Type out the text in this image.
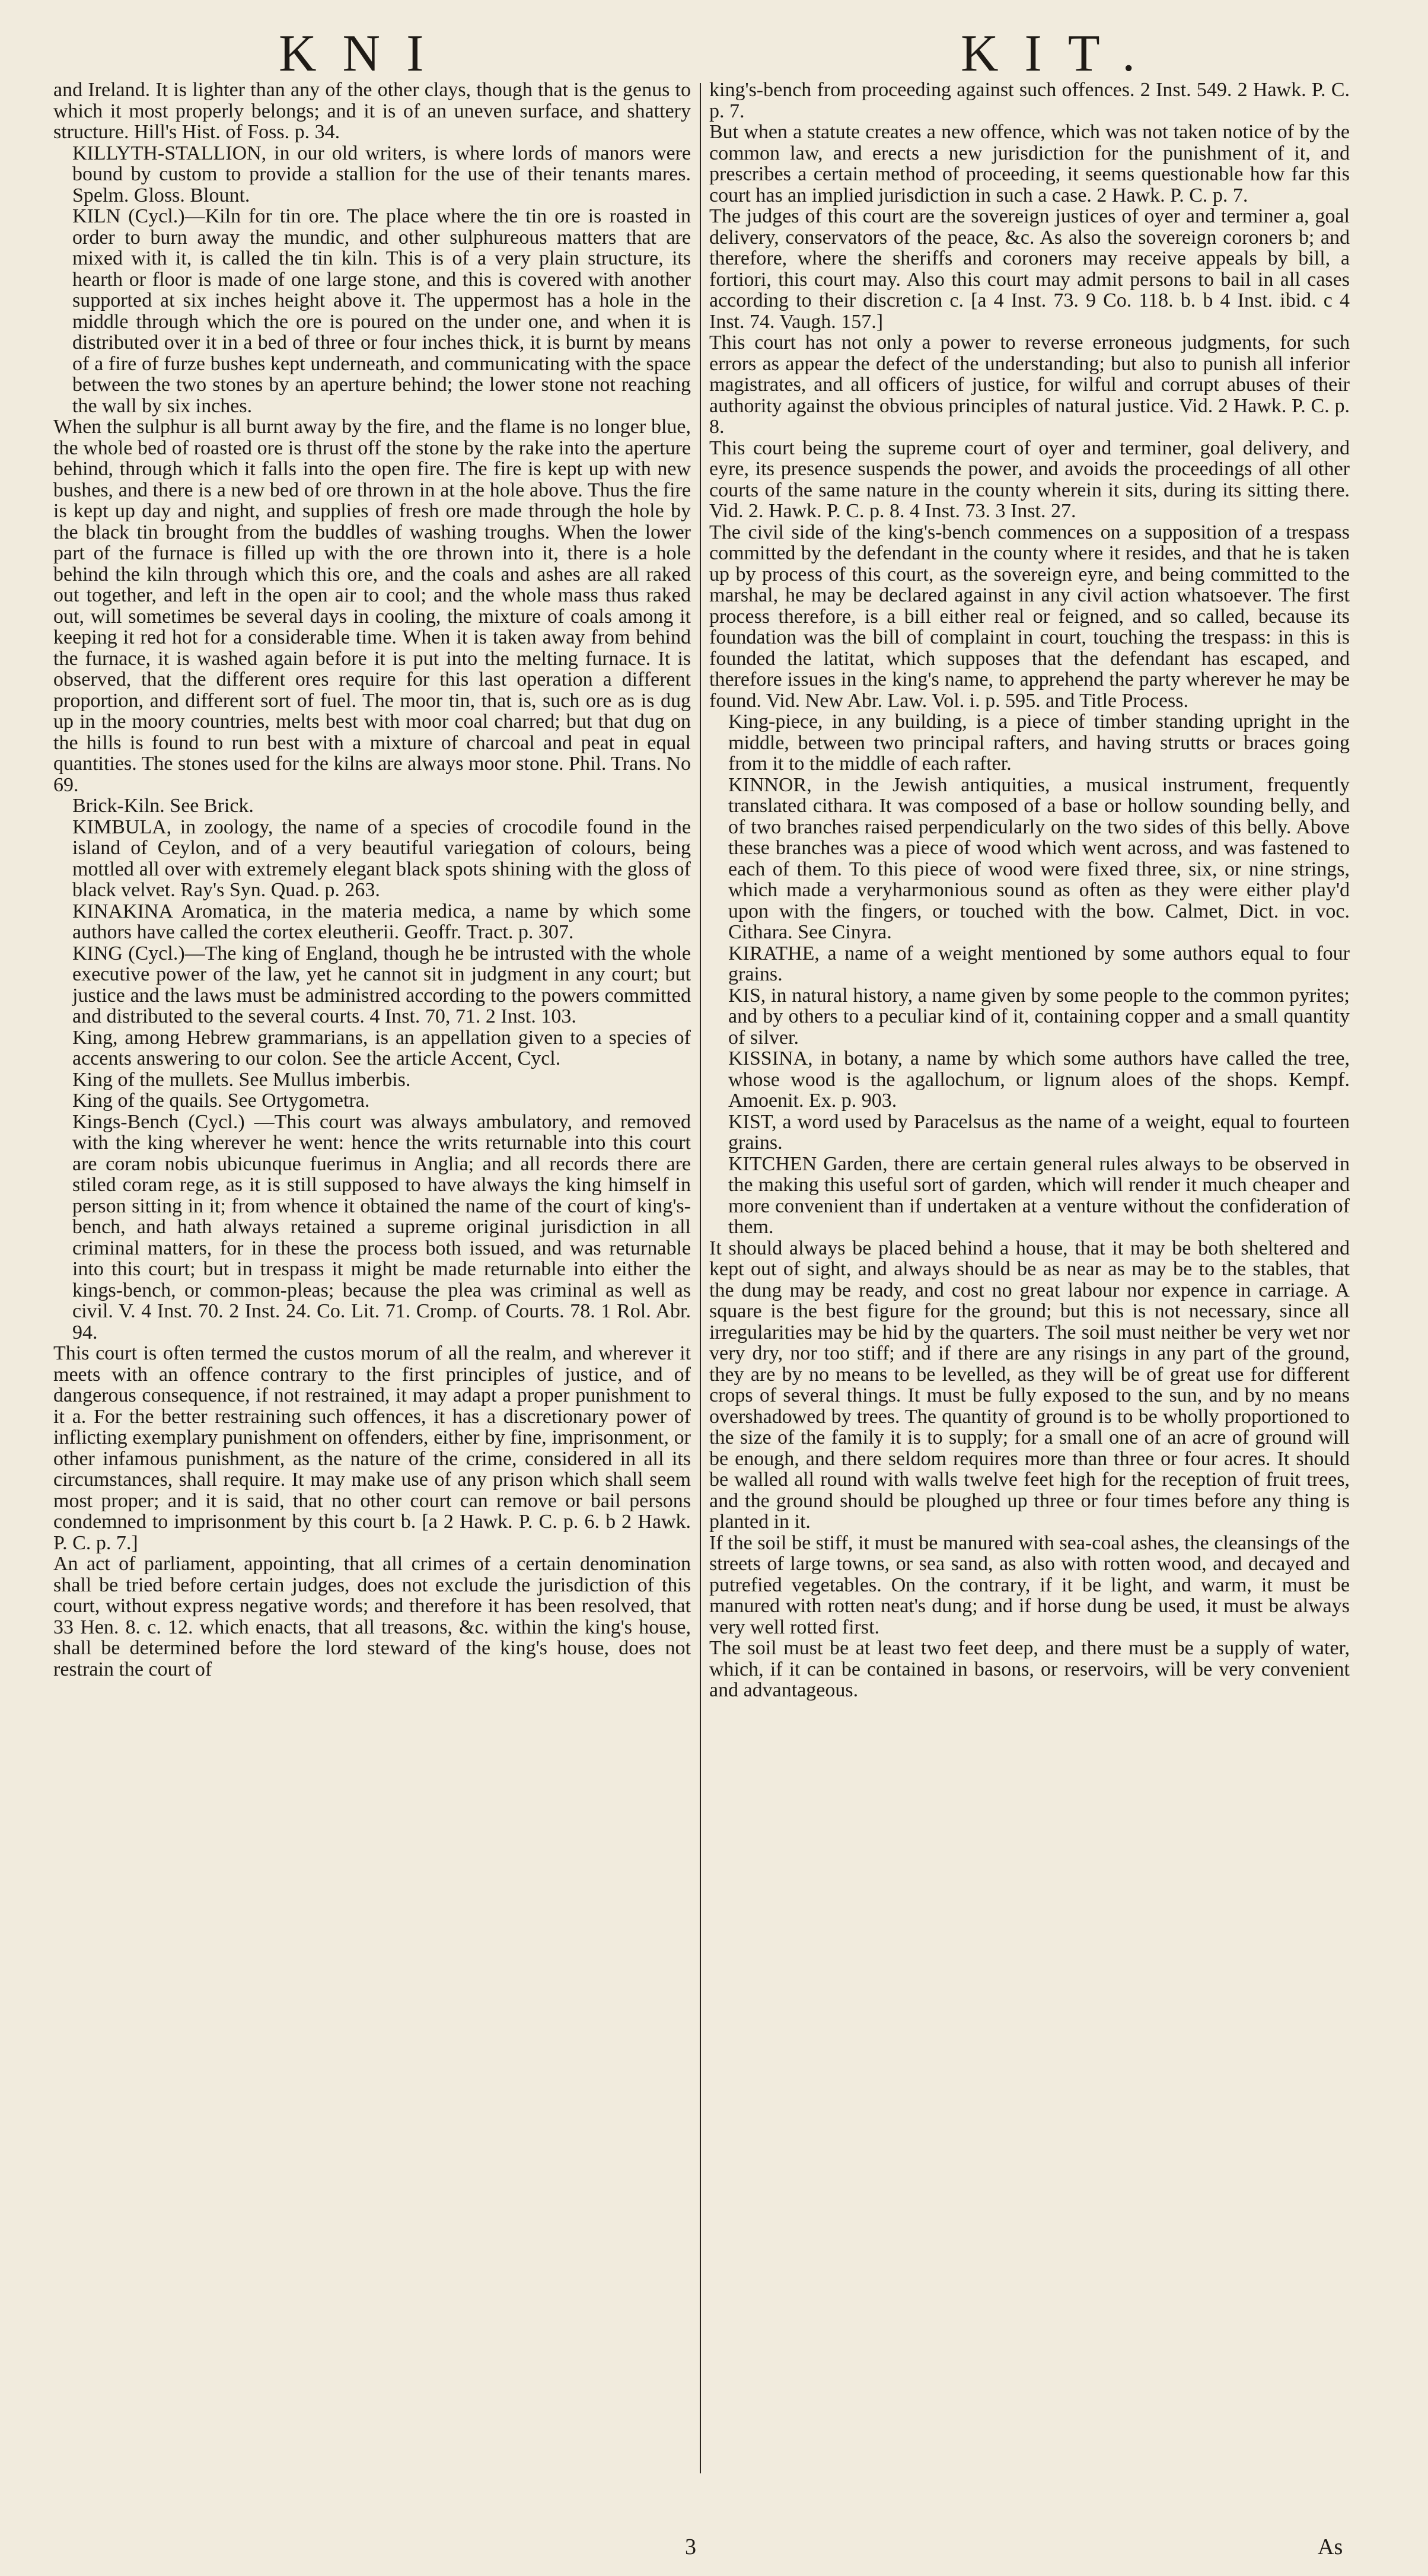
KNI	KIT.

and Ireland. It is lighter than any of the other clays, though that is the genus to which it most properly belongs; and it is of an uneven surface, and shattery structure. Hill's Hist. of Foss. p. 34.

KILLYTH-STALLION, in our old writers, is where lords of manors were bound by custom to provide a stallion for the use of their tenants mares. Spelm. Gloss. Blount.

KILN (Cycl.)—Kiln for tin ore. The place where the tin ore is roasted in order to burn away the mundic, and other sulphureous matters that are mixed with it, is called the tin kiln. This is of a very plain structure, its hearth or floor is made of one large stone, and this is covered with another supported at six inches height above it. The uppermost has a hole in the middle through which the ore is poured on the under one, and when it is distributed over it in a bed of three or four inches thick, it is burnt by means of a fire of furze bushes kept underneath, and communicating with the space between the two stones by an aperture behind; the lower stone not reaching the wall by six inches.

When the sulphur is all burnt away by the fire, and the flame is no longer blue, the whole bed of roasted ore is thrust off the stone by the rake into the aperture behind, through which it falls into the open fire. The fire is kept up with new bushes, and there is a new bed of ore thrown in at the hole above. Thus the fire is kept up day and night, and supplies of fresh ore made through the hole by the black tin brought from the buddles of washing troughs. When the lower part of the furnace is filled up with the ore thrown into it, there is a hole behind the kiln through which this ore, and the coals and ashes are all raked out together, and left in the open air to cool; and the whole mass thus raked out, will sometimes be several days in cooling, the mixture of coals among it keeping it red hot for a considerable time. When it is taken away from behind the furnace, it is washed again before it is put into the melting furnace. It is observed, that the different ores require for this last operation a different proportion, and different sort of fuel. The moor tin, that is, such ore as is dug up in the moory countries, melts best with moor coal charred; but that dug on the hills is found to run best with a mixture of charcoal and peat in equal quantities. The stones used for the kilns are always moor stone. Phil. Trans. No 69.

Brick-Kiln. See Brick.

KIMBULA, in zoology, the name of a species of crocodile found in the island of Ceylon, and of a very beautiful variegation of colours, being mottled all over with extremely elegant black spots shining with the gloss of black velvet. Ray's Syn. Quad. p. 263.

KINAKINA Aromatica, in the materia medica, a name by which some authors have called the cortex eleutherii. Geoffr. Tract. p. 307.

KING (Cycl.)—The king of England, though he be intrusted with the whole executive power of the law, yet he cannot sit in judgment in any court; but justice and the laws must be administred according to the powers committed and distributed to the several courts. 4 Inst. 70, 71. 2 Inst. 103.

King, among Hebrew grammarians, is an appellation given to a species of accents answering to our colon. See the article Accent, Cycl.

King of the mullets. See Mullus imberbis.

King of the quails. See Ortygometra.

Kings-Bench (Cycl.) —This court was always ambulatory, and removed with the king wherever he went: hence the writs returnable into this court are coram nobis ubicunque fuerimus in Anglia; and all records there are stiled coram rege, as it is still supposed to have always the king himself in person sitting in it; from whence it obtained the name of the court of king's-bench, and hath always retained a supreme original jurisdiction in all criminal matters, for in these the process both issued, and was returnable into this court; but in trespass it might be made returnable into either the kings-bench, or common-pleas; because the plea was criminal as well as civil. V. 4 Inst. 70. 2 Inst. 24. Co. Lit. 71. Cromp. of Courts. 78. 1 Rol. Abr. 94.

This court is often termed the custos morum of all the realm, and wherever it meets with an offence contrary to the first principles of justice, and of dangerous consequence, if not restrained, it may adapt a proper punishment to it a. For the better restraining such offences, it has a discretionary power of inflicting exemplary punishment on offenders, either by fine, imprisonment, or other infamous punishment, as the nature of the crime, considered in all its circumstances, shall require. It may make use of any prison which shall seem most proper; and it is said, that no other court can remove or bail persons condemned to imprisonment by this court b. [a 2 Hawk. P. C. p. 6. b 2 Hawk. P. C. p. 7.]

An act of parliament, appointing, that all crimes of a certain denomination shall be tried before certain judges, does not exclude the jurisdiction of this court, without express negative words; and therefore it has been resolved, that 33 Hen. 8. c. 12. which enacts, that all treasons, &c. within the king's house, shall be determined before the lord steward of the king's house, does not restrain the court of

king's-bench from proceeding against such offences. 2 Inst. 549. 2 Hawk. P. C. p. 7.

But when a statute creates a new offence, which was not taken notice of by the common law, and erects a new jurisdiction for the punishment of it, and prescribes a certain method of proceeding, it seems questionable how far this court has an implied jurisdiction in such a case. 2 Hawk. P. C. p. 7.

The judges of this court are the sovereign justices of oyer and terminer a, goal delivery, conservators of the peace, &c. As also the sovereign coroners b; and therefore, where the sheriffs and coroners may receive appeals by bill, a fortiori, this court may. Also this court may admit persons to bail in all cases according to their discretion c. [a 4 Inst. 73. 9 Co. 118. b. b 4 Inst. ibid. c 4 Inst. 74. Vaugh. 157.]

This court has not only a power to reverse erroneous judgments, for such errors as appear the defect of the understanding; but also to punish all inferior magistrates, and all officers of justice, for wilful and corrupt abuses of their authority against the obvious principles of natural justice. Vid. 2 Hawk. P. C. p. 8.

This court being the supreme court of oyer and terminer, goal delivery, and eyre, its presence suspends the power, and avoids the proceedings of all other courts of the same nature in the county wherein it sits, during its sitting there. Vid. 2. Hawk. P. C. p. 8. 4 Inst. 73. 3 Inst. 27.

The civil side of the king's-bench commences on a supposition of a trespass committed by the defendant in the county where it resides, and that he is taken up by process of this court, as the sovereign eyre, and being committed to the marshal, he may be declared against in any civil action whatsoever. The first process therefore, is a bill either real or feigned, and so called, because its foundation was the bill of complaint in court, touching the trespass: in this is founded the latitat, which supposes that the defendant has escaped, and therefore issues in the king's name, to apprehend the party wherever he may be found. Vid. New Abr. Law. Vol. i. p. 595. and Title Process.

King-piece, in any building, is a piece of timber standing upright in the middle, between two principal rafters, and having strutts or braces going from it to the middle of each rafter.

KINNOR, in the Jewish antiquities, a musical instrument, frequently translated cithara. It was composed of a base or hollow sounding belly, and of two branches raised perpendicularly on the two sides of this belly. Above these branches was a piece of wood which went across, and was fastened to each of them. To this piece of wood were fixed three, six, or nine strings, which made a veryharmonious sound as often as they were either play'd upon with the fingers, or touched with the bow. Calmet, Dict. in voc. Cithara. See Cinyra.

KIRATHE, a name of a weight mentioned by some authors equal to four grains.

KIS, in natural history, a name given by some people to the common pyrites; and by others to a peculiar kind of it, containing copper and a small quantity of silver.

KISSINA, in botany, a name by which some authors have called the tree, whose wood is the agallochum, or lignum aloes of the shops. Kempf. Amoenit. Ex. p. 903.

KIST, a word used by Paracelsus as the name of a weight, equal to fourteen grains.

KITCHEN Garden, there are certain general rules always to be observed in the making this useful sort of garden, which will render it much cheaper and more convenient than if undertaken at a venture without the confideration of them.

It should always be placed behind a house, that it may be both sheltered and kept out of sight, and always should be as near as may be to the stables, that the dung may be ready, and cost no great labour nor expence in carriage. A square is the best figure for the ground; but this is not necessary, since all irregularities may be hid by the quarters. The soil must neither be very wet nor very dry, nor too stiff; and if there are any risings in any part of the ground, they are by no means to be levelled, as they will be of great use for different crops of several things. It must be fully exposed to the sun, and by no means overshadowed by trees. The quantity of ground is to be wholly proportioned to the size of the family it is to supply; for a small one of an acre of ground will be enough, and there seldom requires more than three or four acres. It should be walled all round with walls twelve feet high for the reception of fruit trees, and the ground should be ploughed up three or four times before any thing is planted in it.

If the soil be stiff, it must be manured with sea-coal ashes, the cleansings of the streets of large towns, or sea sand, as also with rotten wood, and decayed and putrefied vegetables. On the contrary, if it be light, and warm, it must be manured with rotten neat's dung; and if horse dung be used, it must be always very well rotted first.

The soil must be at least two feet deep, and there must be a supply of water, which, if it can be contained in basons, or reservoirs, will be very convenient and advantageous.

3	As
